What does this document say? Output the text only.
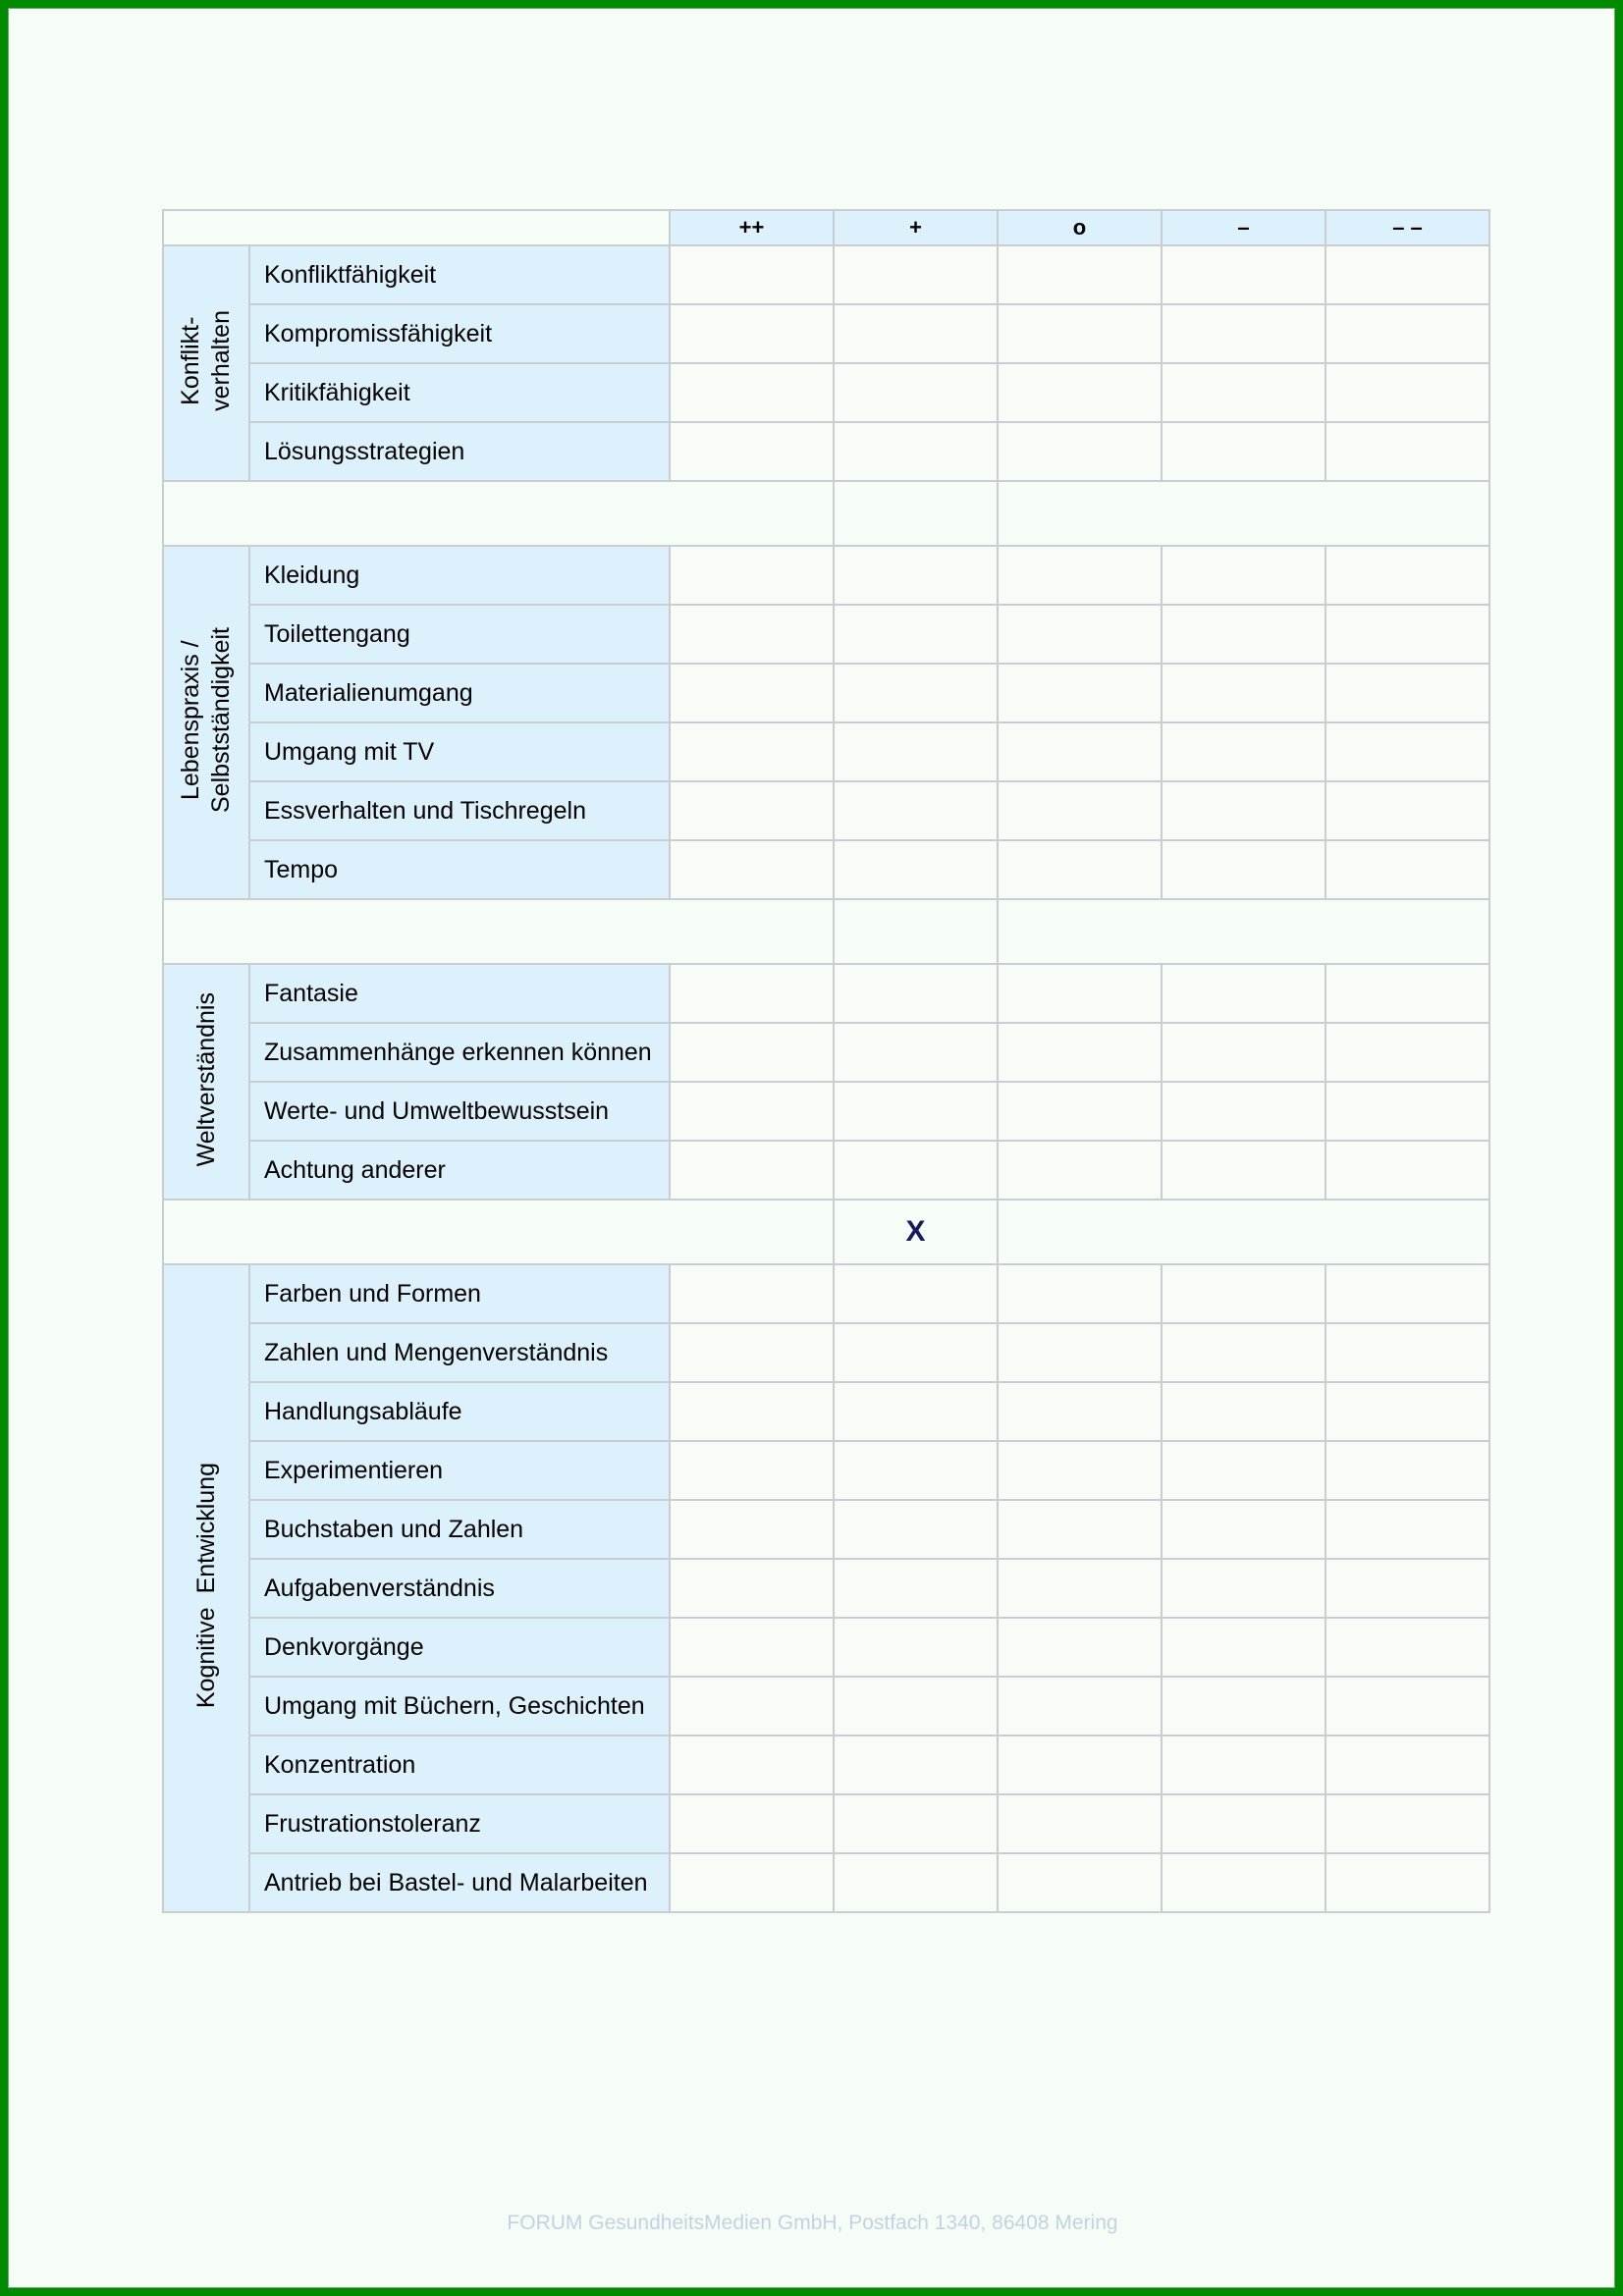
		++	+	o	–	– –
Konflikt-
verhalten	Konfliktfähigkeit					
	Kompromissfähigkeit					
	Kritikfähigkeit					
	Lösungsstrategien					

Lebenspraxis /
Selbstständigkeit	Kleidung					
	Toilettengang					
	Materialienumgang					
	Umgang mit TV					
	Essverhalten und Tischregeln					
	Tempo					

Weltverständnis	Fantasie					
	Zusammenhänge erkennen können					
	Werte- und Umweltbewusstsein					
	Achtung anderer					
			X			
Kognitive  Entwicklung	Farben und Formen					
	Zahlen und Mengenverständnis					
	Handlungsabläufe					
	Experimentieren					
	Buchstaben und Zahlen					
	Aufgabenverständnis					
	Denkvorgänge					
	Umgang mit Büchern, Geschichten					
	Konzentration					
	Frustrationstoleranz					
	Antrieb bei Bastel- und Malarbeiten					
FORUM GesundheitsMedien GmbH, Postfach 1340, 86408 Mering
